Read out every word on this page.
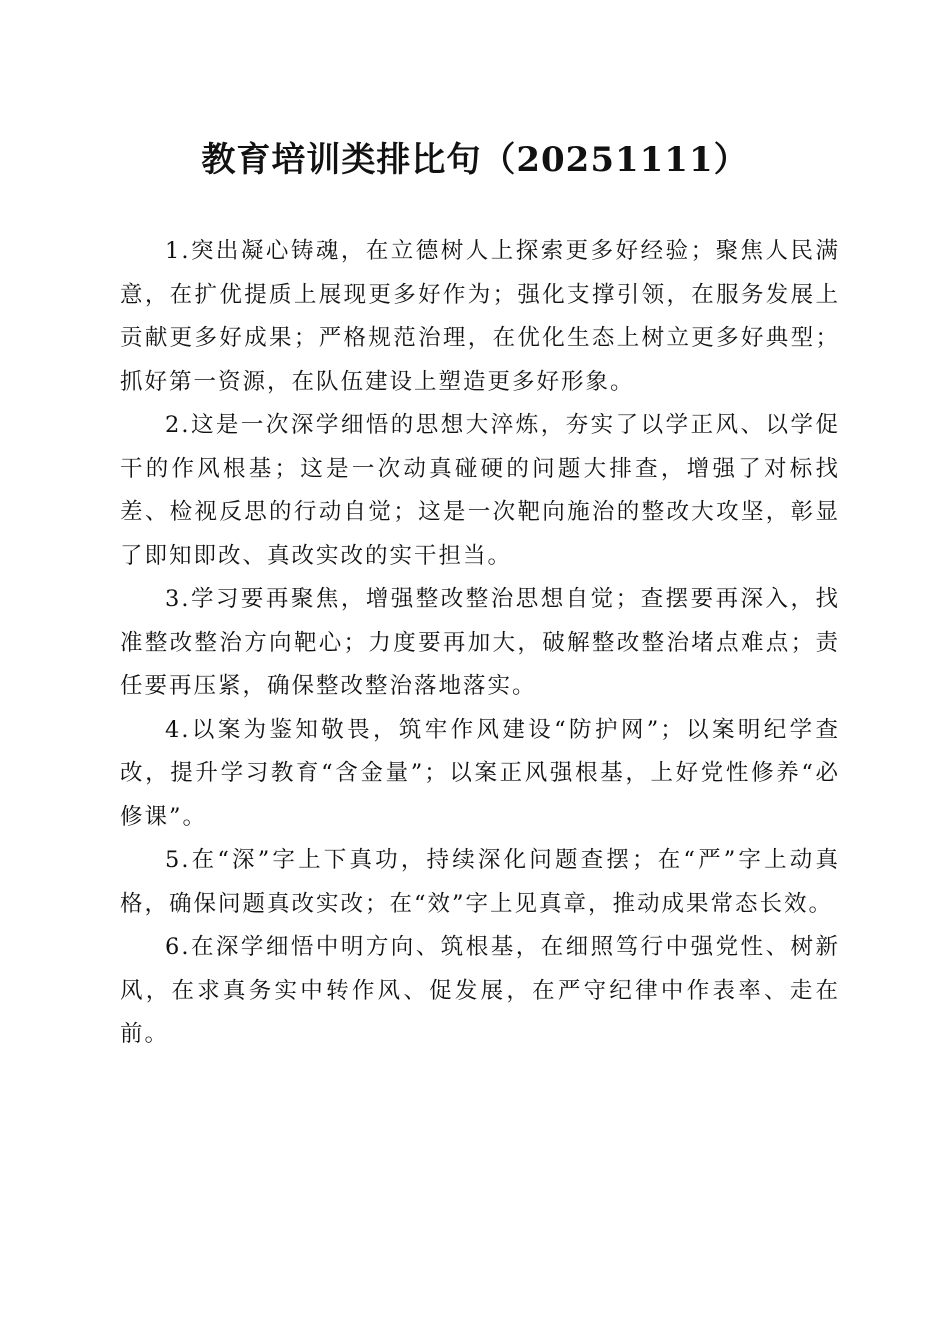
教育培训类排比句（20251111）

1.突出凝心铸魂，在立德树人上探索更多好经验；聚焦人民满意，在扩优提质上展现更多好作为；强化支撑引领，在服务发展上贡献更多好成果；严格规范治理，在优化生态上树立更多好典型；抓好第一资源，在队伍建设上塑造更多好形象。

2.这是一次深学细悟的思想大淬炼，夯实了以学正风、以学促干的作风根基；这是一次动真碰硬的问题大排查，增强了对标找差、检视反思的行动自觉；这是一次靶向施治的整改大攻坚，彰显了即知即改、真改实改的实干担当。

3.学习要再聚焦，增强整改整治思想自觉；查摆要再深入，找准整改整治方向靶心；力度要再加大，破解整改整治堵点难点；责任要再压紧，确保整改整治落地落实。

4.以案为鉴知敬畏，筑牢作风建设“防护网”；以案明纪学查改，提升学习教育“含金量”；以案正风强根基，上好党性修养“必修课”。

5.在“深”字上下真功，持续深化问题查摆；在“严”字上动真格，确保问题真改实改；在“效”字上见真章，推动成果常态长效。

6.在深学细悟中明方向、筑根基，在细照笃行中强党性、树新风，在求真务实中转作风、促发展，在严守纪律中作表率、走在前。
